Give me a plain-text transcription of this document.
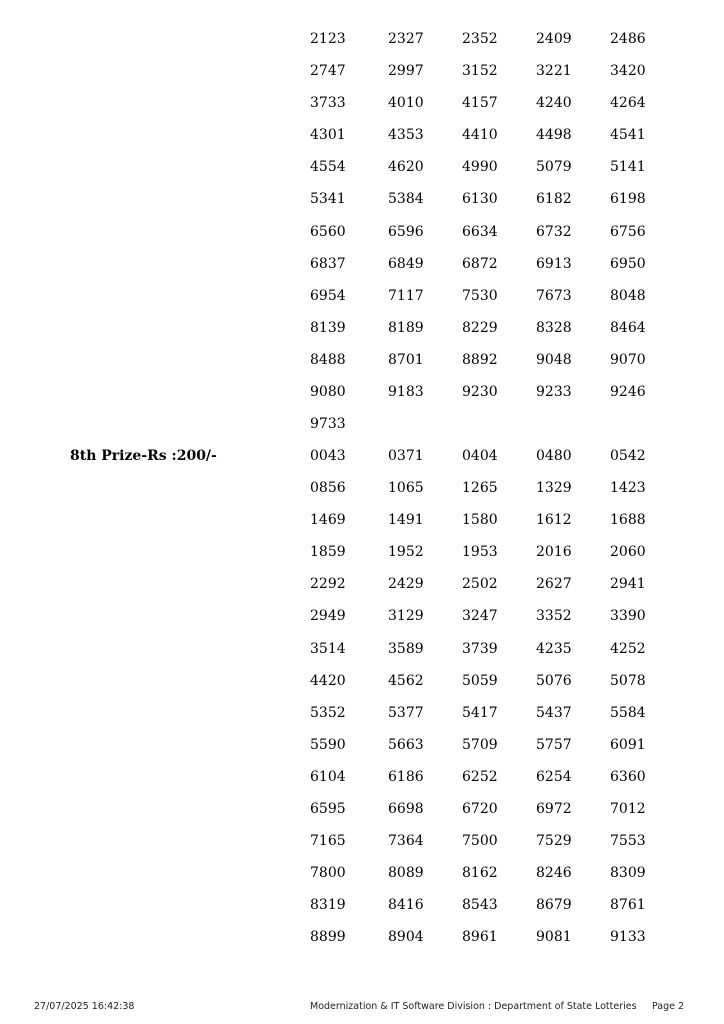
2123	2327	2352	2409	2486
2747	2997	3152	3221	3420
3733	4010	4157	4240	4264
4301	4353	4410	4498	4541
4554	4620	4990	5079	5141
5341	5384	6130	6182	6198
6560	6596	6634	6732	6756
6837	6849	6872	6913	6950
6954	7117	7530	7673	8048
8139	8189	8229	8328	8464
8488	8701	8892	9048	9070
9080	9183	9230	9233	9246
9733
8th Prize-Rs :200/-	0043	0371	0404	0480	0542
0856	1065	1265	1329	1423
1469	1491	1580	1612	1688
1859	1952	1953	2016	2060
2292	2429	2502	2627	2941
2949	3129	3247	3352	3390
3514	3589	3739	4235	4252
4420	4562	5059	5076	5078
5352	5377	5417	5437	5584
5590	5663	5709	5757	6091
6104	6186	6252	6254	6360
6595	6698	6720	6972	7012
7165	7364	7500	7529	7553
7800	8089	8162	8246	8309
8319	8416	8543	8679	8761
8899	8904	8961	9081	9133
27/07/2025 16:42:38	Modernization & IT Software Division : Department of State Lotteries Page 2
